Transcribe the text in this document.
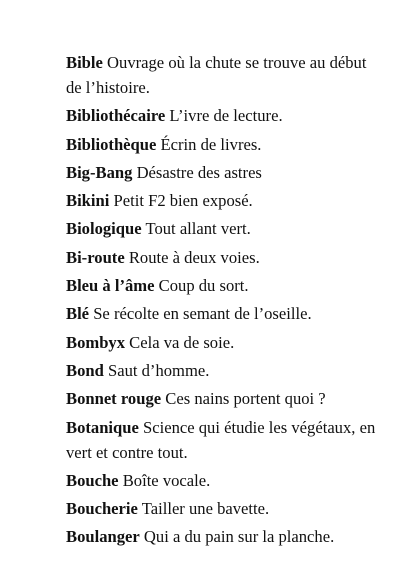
Bible Ouvrage où la chute se trouve au début de l’histoire.
Bibliothécaire L’ivre de lecture.
Bibliothèque Écrin de livres.
Big-Bang Désastre des astres
Bikini Petit F2 bien exposé.
Biologique Tout allant vert.
Bi-route Route à deux voies.
Bleu à l’âme Coup du sort.
Blé Se récolte en semant de l’oseille.
Bombyx Cela va de soie.
Bond Saut d’homme.
Bonnet rouge Ces nains portent quoi ?
Botanique Science qui étudie les végétaux, en vert et contre tout.
Bouche Boîte vocale.
Boucherie Tailler une bavette.
Boulanger Qui a du pain sur la planche.
